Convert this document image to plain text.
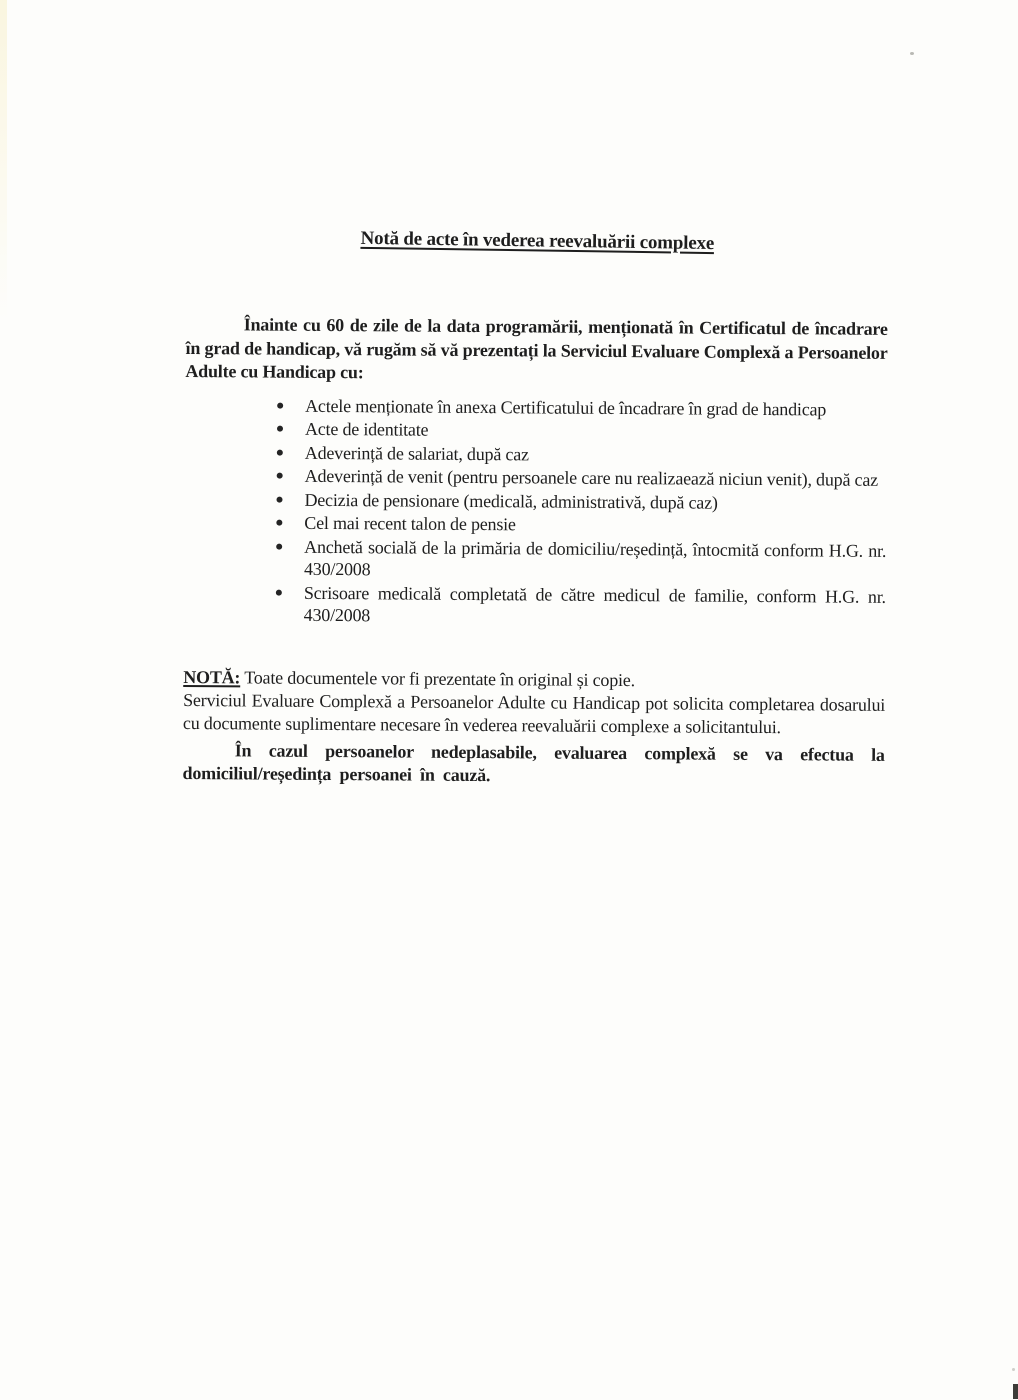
Notă de acte în vederea reevaluării complexe

Înainte cu 60 de zile de la data programării, menționată în Certificatul de încadrare în grad de handicap, vă rugăm să vă prezentați la Serviciul Evaluare Complexă a Persoanelor Adulte cu Handicap cu:

Actele menționate în anexa Certificatului de încadrare în grad de handicap
Acte de identitate
Adeverință de salariat, după caz
Adeverință de venit (pentru persoanele care nu realizaează niciun venit), după caz
Decizia de pensionare (medicală, administrativă, după caz)
Cel mai recent talon de pensie
Anchetă socială de la primăria de domiciliu/reședință, întocmită conform H.G. nr. 430/2008
Scrisoare medicală completată de către medicul de familie, conform H.G. nr. 430/2008

NOTĂ: Toate documentele vor fi prezentate în original și copie.
Serviciul Evaluare Complexă a Persoanelor Adulte cu Handicap pot solicita completarea dosarului cu documente suplimentare necesare în vederea reevaluării complexe a solicitantului.

În cazul persoanelor nedeplasabile, evaluarea complexă se va efectua la domiciliul/reședința persoanei în cauză.
